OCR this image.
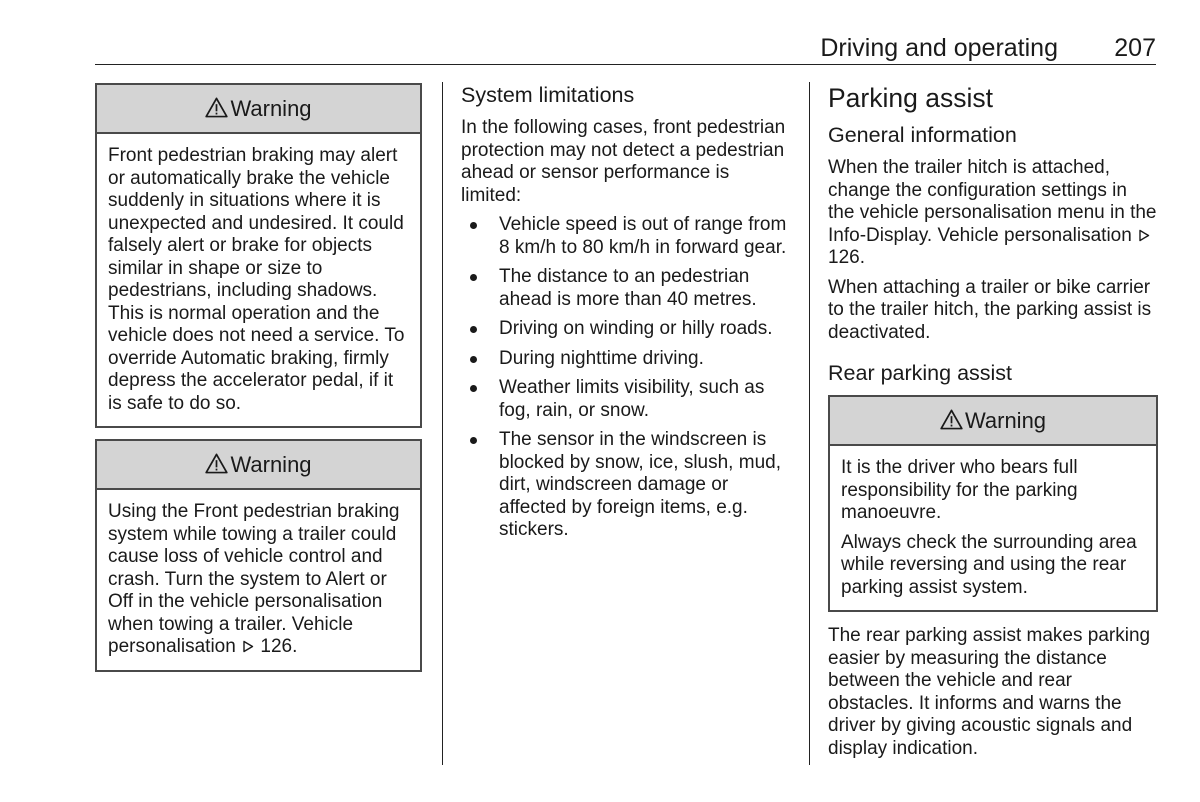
Driving and operating 207
Warning

Front pedestrian braking may alert or automatically brake the vehicle suddenly in situations where it is unexpected and undesired. It could falsely alert or brake for objects similar in shape or size to pedestrians, including shadows. This is normal operation and the vehicle does not need a service. To override Automatic braking, firmly depress the accelerator pedal, if it is safe to do so.

Warning

Using the Front pedestrian braking system while towing a trailer could cause loss of vehicle control and crash. Turn the system to Alert or Off in the vehicle personalisation when towing a trailer. Vehicle personalisation 126.

System limitations

In the following cases, front pedestrian protection may not detect a pedestrian ahead or sensor performance is limited:

Vehicle speed is out of range from 8 km/h to 80 km/h in forward gear.
The distance to an pedestrian ahead is more than 40 metres.
Driving on winding or hilly roads.
During nighttime driving.
Weather limits visibility, such as fog, rain, or snow.
The sensor in the windscreen is blocked by snow, ice, slush, mud, dirt, windscreen damage or affected by foreign items, e.g. stickers.
Parking assist
General information

When the trailer hitch is attached, change the configuration settings in the vehicle personalisation menu in the Info-Display. Vehicle personalisation  126.

When attaching a trailer or bike carrier to the trailer hitch, the parking assist is deactivated.

Rear parking assist
Warning

It is the driver who bears full responsibility for the parking manoeuvre.

Always check the surrounding area while reversing and using the rear parking assist system.

The rear parking assist makes parking easier by measuring the distance between the vehicle and rear obstacles. It informs and warns the driver by giving acoustic signals and display indication.
